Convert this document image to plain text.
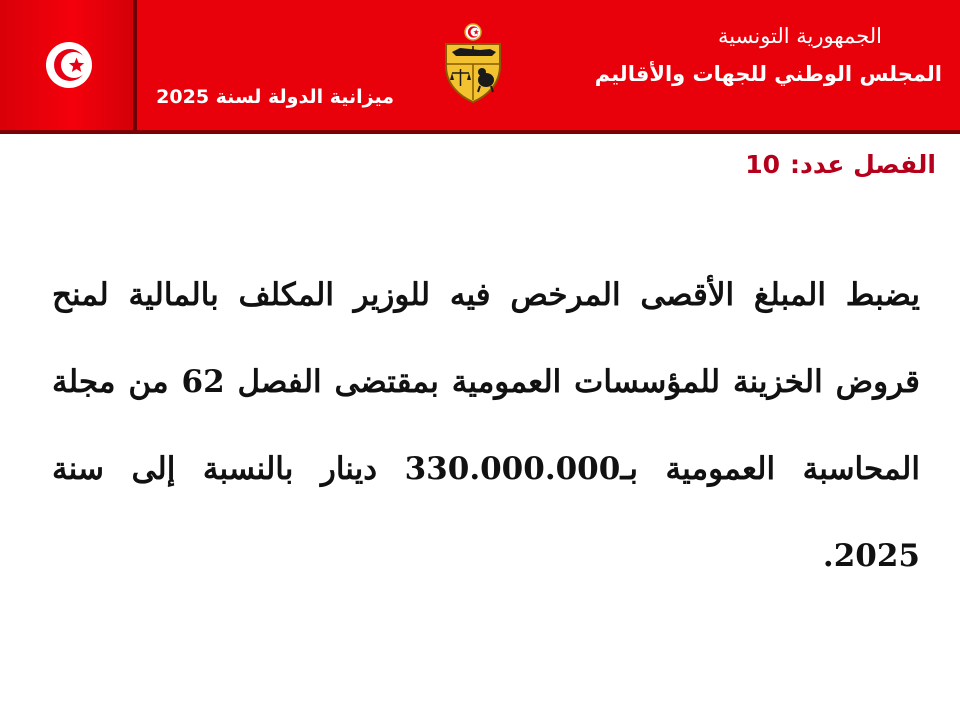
الجمهورية التونسية
المجلس الوطني للجهات والأقاليم
ميزانية الدولة لسنة 2025
الفصل عدد:10
يضبط المبلغ الأقصى المرخص فيه للوزير المكلف بالمالية لمنح قروض الخزينة للمؤسسات العمومية بمقتضى الفصل 62 من مجلة المحاسبة العمومية بـ330.000.000 دينار بالنسبة إلى سنة 2025.
